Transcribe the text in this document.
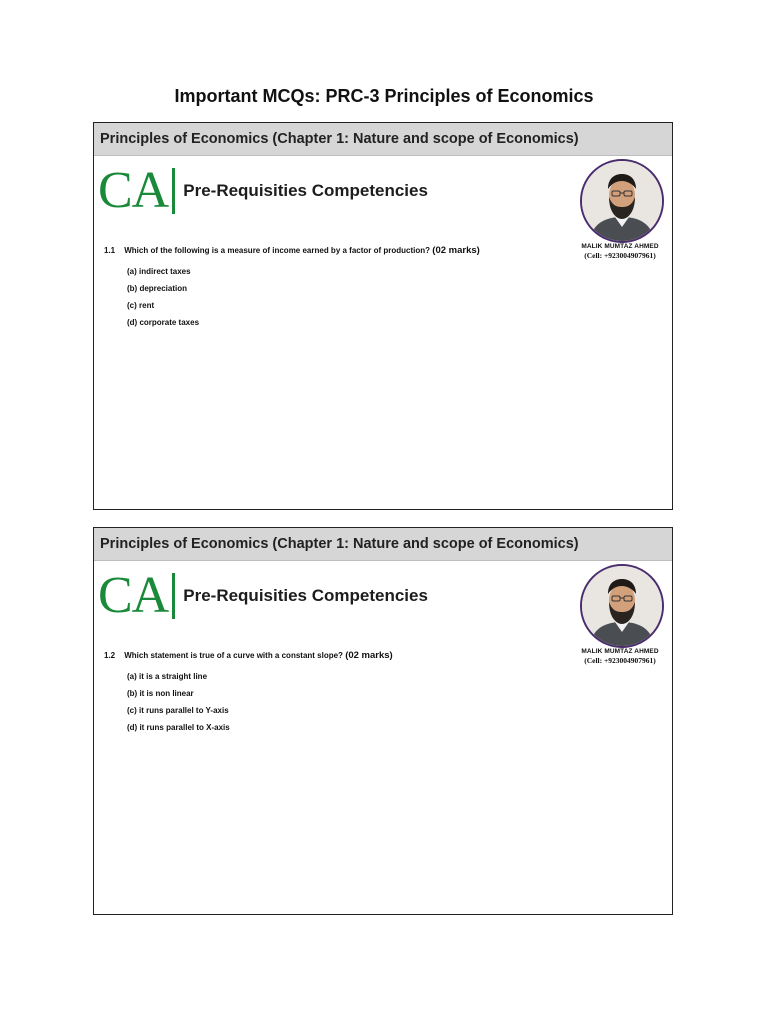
Important MCQs: PRC-3 Principles of Economics
Principles of Economics (Chapter 1: Nature and scope of Economics)
CA Pre-Requisities Competencies
MALIK MUMTAZ AHMED
(Cell: +923004907961)
1.1 Which of the following is a measure of income earned by a factor of production? (02 marks)
(a) indirect taxes
(b) depreciation
(c) rent
(d) corporate taxes
Principles of Economics (Chapter 1: Nature and scope of Economics)
CA Pre-Requisities Competencies
MALIK MUMTAZ AHMED
(Cell: +923004907961)
1.2 Which statement is true of a curve with a constant slope? (02 marks)
(a) it is a straight line
(b) it is non linear
(c) it runs parallel to Y-axis
(d) it runs parallel to X-axis
